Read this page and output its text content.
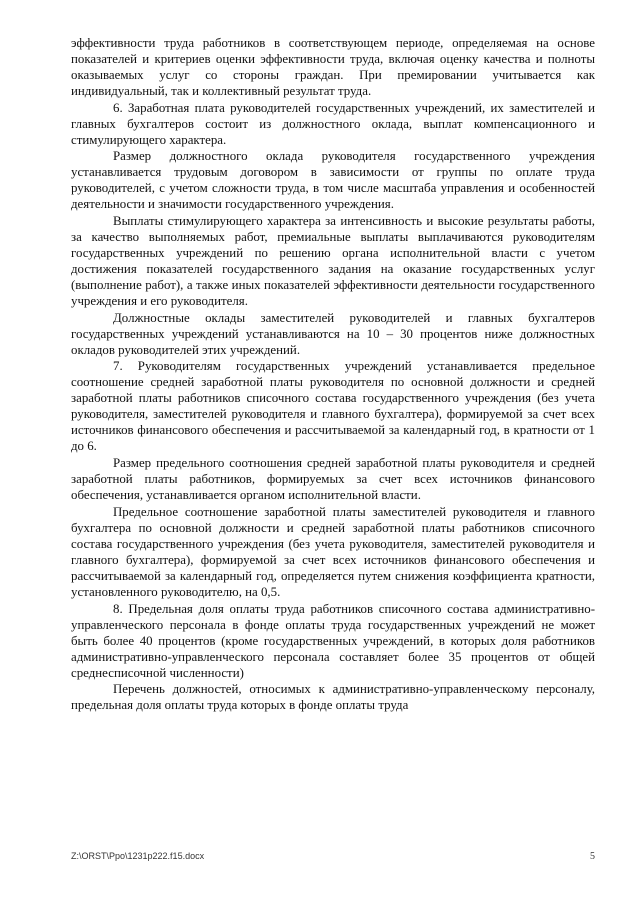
эффективности труда работников в соответствующем периоде, определяемая на основе показателей и критериев оценки эффективности труда, включая оценку качества и полноты оказываемых услуг со стороны граждан. При премировании учитывается как индивидуальный, так и коллективный результат труда.

6. Заработная плата руководителей государственных учреждений, их заместителей и главных бухгалтеров состоит из должностного оклада, выплат компенсационного и стимулирующего характера.

Размер должностного оклада руководителя государственного учреждения устанавливается трудовым договором в зависимости от группы по оплате труда руководителей, с учетом сложности труда, в том числе масштаба управления и особенностей деятельности и значимости государственного учреждения.

Выплаты стимулирующего характера за интенсивность и высокие результаты работы, за качество выполняемых работ, премиальные выплаты выплачиваются руководителям государственных учреждений по решению органа исполнительной власти с учетом достижения показателей государственного задания на оказание государственных услуг (выполнение работ), а также иных показателей эффективности деятельности государственного учреждения и его руководителя.

Должностные оклады заместителей руководителей и главных бухгалтеров государственных учреждений устанавливаются на 10 – 30 процентов ниже должностных окладов руководителей этих учреждений.

7. Руководителям государственных учреждений устанавливается предельное соотношение средней заработной платы руководителя по основной должности и средней заработной платы работников списочного состава государственного учреждения (без учета руководителя, заместителей руководителя и главного бухгалтера), формируемой за счет всех источников финансового обеспечения и рассчитываемой за календарный год, в кратности от 1 до 6.

Размер предельного соотношения средней заработной платы руководителя и средней заработной платы работников, формируемых за счет всех источников финансового обеспечения, устанавливается органом исполнительной власти.

Предельное соотношение заработной платы заместителей руководителя и главного бухгалтера по основной должности и средней заработной платы работников списочного состава государственного учреждения (без учета руководителя, заместителей руководителя и главного бухгалтера), формируемой за счет всех источников финансового обеспечения и рассчитываемой за календарный год, определяется путем снижения коэффициента кратности, установленного руководителю, на 0,5.

8. Предельная доля оплаты труда работников списочного состава административно-управленческого персонала в фонде оплаты труда государственных учреждений не может быть более 40 процентов (кроме государственных учреждений, в которых доля работников административно-управленческого персонала составляет более 35 процентов от общей среднесписочной численности)

Перечень должностей, относимых к административно-управленческому персоналу, предельная доля оплаты труда которых в фонде оплаты труда

Z:\ORST\Ppo\1231p222.f15.docx	5
